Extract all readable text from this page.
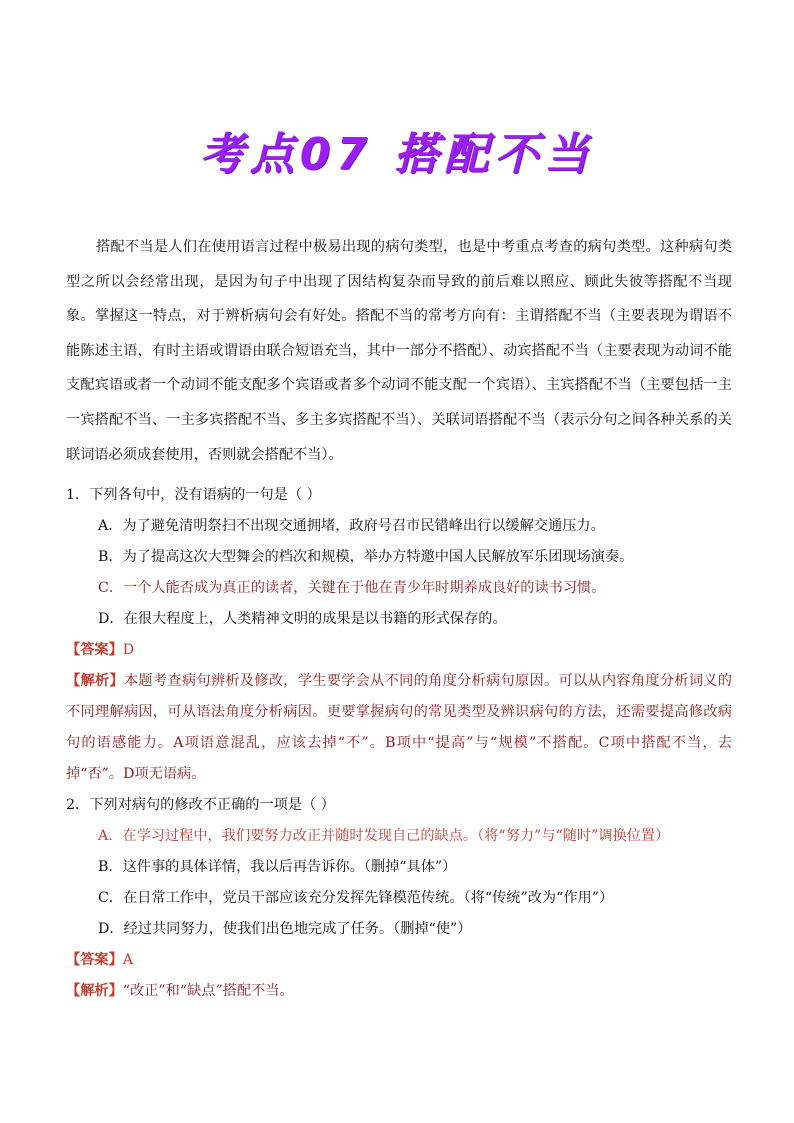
考点07 搭配不当

搭配不当是人们在使用语言过程中极易出现的病句类型，也是中考重点考查的病句类型。这种病句类型之所以会经常出现，是因为句子中出现了因结构复杂而导致的前后难以照应、顾此失彼等搭配不当现象。掌握这一特点，对于辨析病句会有好处。搭配不当的常考方向有：主谓搭配不当（主要表现为谓语不能陈述主语，有时主语或谓语由联合短语充当，其中一部分不搭配）、动宾搭配不当（主要表现为动词不能支配宾语或者一个动词不能支配多个宾语或者多个动词不能支配一个宾语）、主宾搭配不当（主要包括一主一宾搭配不当、一主多宾搭配不当、多主多宾搭配不当）、关联词语搭配不当（表示分句之间各种关系的关联词语必须成套使用，否则就会搭配不当）。

1．下列各句中，没有语病的一句是（ ）
A．为了避免清明祭扫不出现交通拥堵，政府号召市民错峰出行以缓解交通压力。
B．为了提高这次大型舞会的档次和规模，举办方特邀中国人民解放军乐团现场演奏。
C．一个人能否成为真正的读者，关键在于他在青少年时期养成良好的读书习惯。
D．在很大程度上，人类精神文明的成果是以书籍的形式保存的。
【答案】D

【解析】本题考查病句辨析及修改，学生要学会从不同的角度分析病句原因。可以从内容角度分析词义的不同理解病因，可从语法角度分析病因。更要掌握病句的常见类型及辨识病句的方法，还需要提高修改病句的语感能力。A项语意混乱，应该去掉“不”。B项中“提高”与“规模”不搭配。C项中搭配不当，去掉“否”。D项无语病。

2．下列对病句的修改不正确的一项是（ ）
A．在学习过程中，我们要努力改正并随时发现自己的缺点。（将“努力”与“随时”调换位置）
B．这件事的具体详情，我以后再告诉你。（删掉“具体”）
C．在日常工作中，党员干部应该充分发挥先锋模范传统。（将“传统”改为“作用”）
D．经过共同努力，使我们出色地完成了任务。（删掉“使”）
【答案】A
【解析】“改正”和“缺点”搭配不当。
